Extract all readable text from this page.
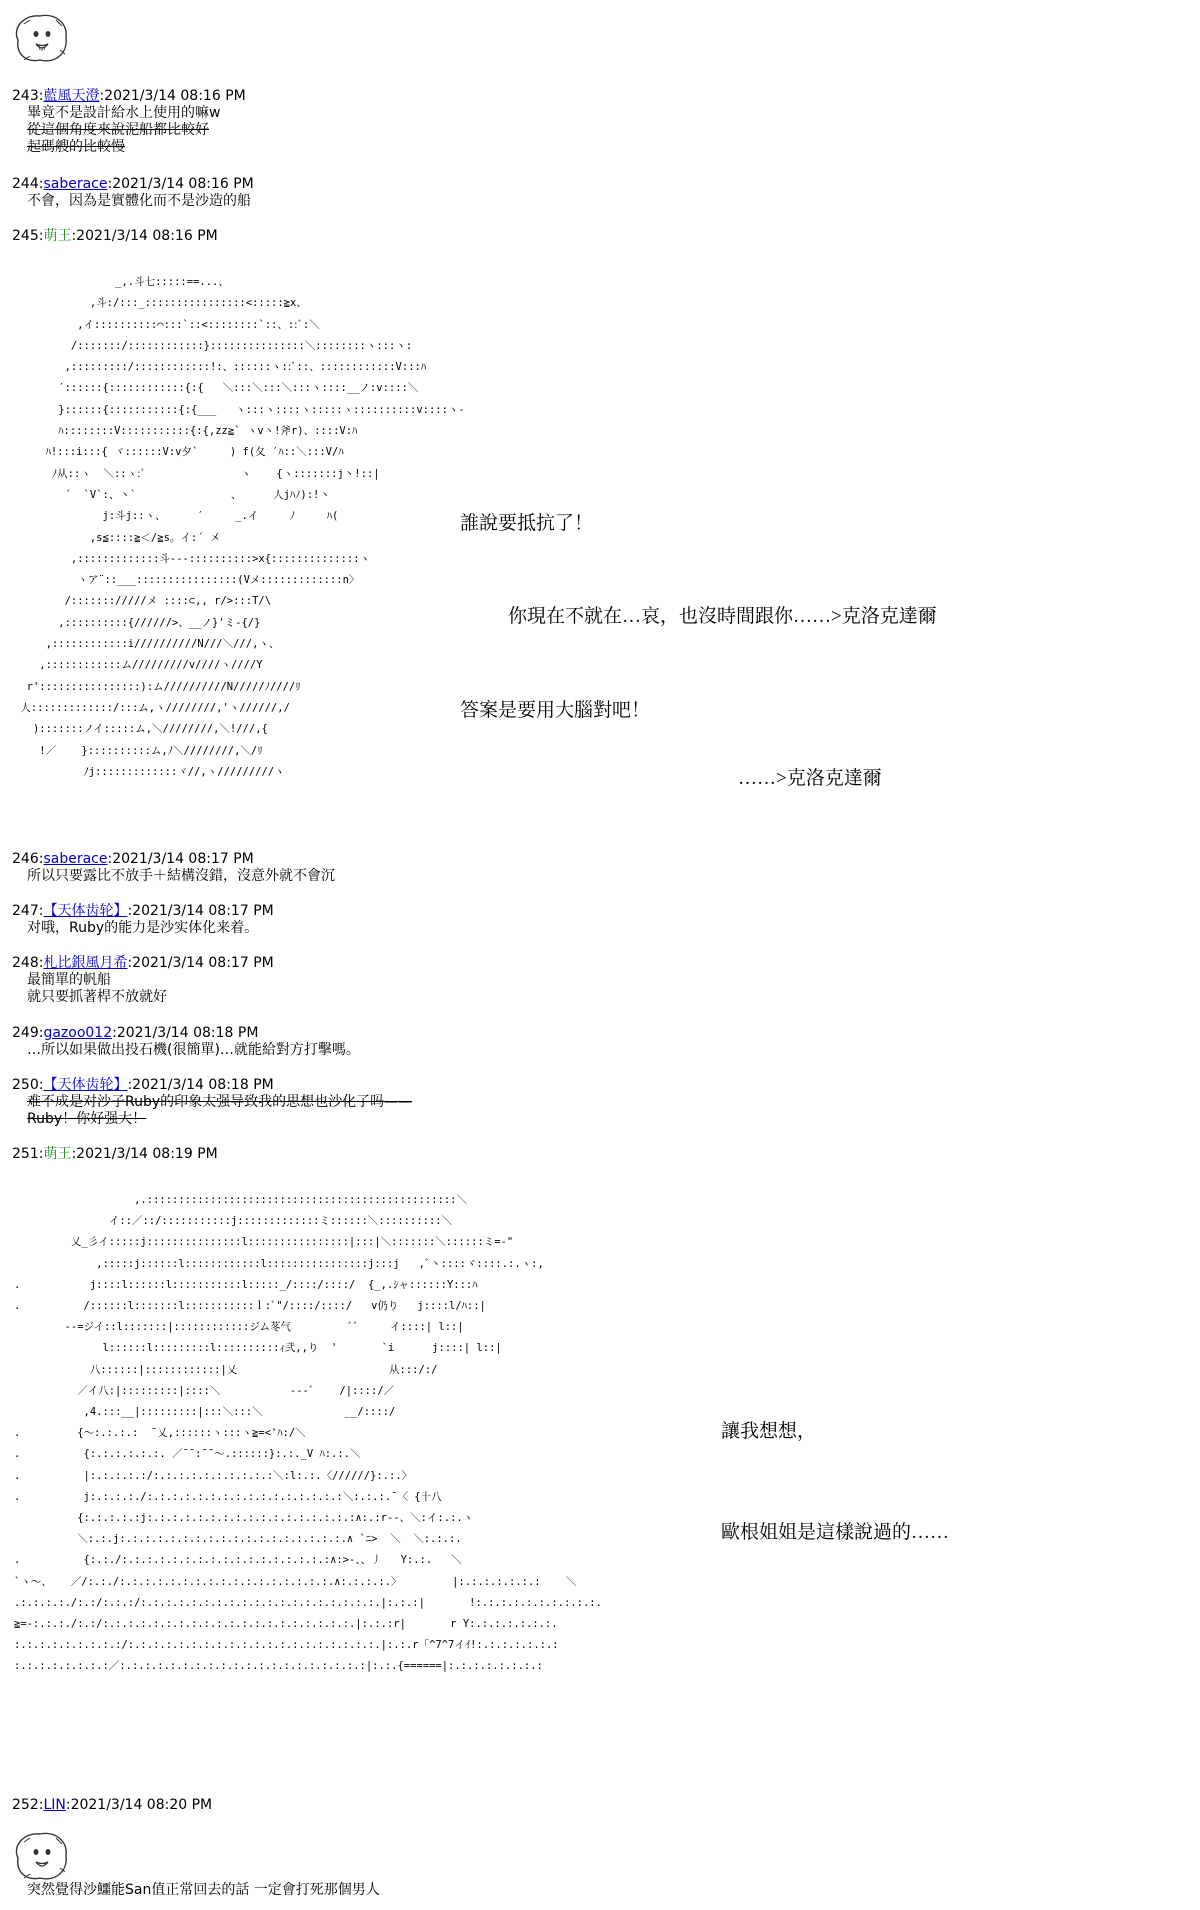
243:藍風天澄:2021/3/14 08:16 PM
畢竟不是設計給水上使用的嘛w
從這個角度來說泥船都比較好
起碼艘的比較慢
244:saberace:2021/3/14 08:16 PM
不會，因為是實體化而不是沙造的船
245:萌王:2021/3/14 08:16 PM
_,.斗七:::::==...、
,斗:/:::_::::::::::::::::<:::::≧x、
,イ::::::::::⌒:::`::<::::::::`::、::ﾞ:＼
/:::::::/::::::::::::}:::::::::::::::＼::::::::ヽ:::ヽ:
,:::::::::/::::::::::::!:、::::::ヽ::ﾞ::、::::::::::::V:::ﾊ
′::::::{::::::::::::{:{   ＼:::＼:::＼:::ヽ::::__ノ:v::::＼
}::::::{:::::::::::{:{___   ヽ:::ヽ::::ヽ:::::ヽ::::::::::v::::ヽ-
ﾊ::::::::V:::::::::::{:{,zz≧` ヽv丶!斧r)、::::V:ﾊ
ﾊ!:::i:::{ ヾ::::::V:v夕`     ) f(夂 ′ﾊ::＼:::V/ﾊ
ﾉ从::ヽ  ＼::ヽ:ﾞ               ヽ    {ヽ:::::::j丶!::|
´  `V`:、丶`               、     人jﾊﾉ):!丶
j:斗j::ヽ、     ′     _.イ     ﾉ     ﾊ(
,s≦::::≧＜/≧s。イ:´ 㐅
,:::::::::::::斗---::::::::::>x{::::::::::::::ヽ
ヽア¨::___::::::::::::::::(Vメ:::::::::::::n〉
/::::::://///メ ::::⊂,, r/>:::T/\
,::::::::::{//////>、__ノ}'ミ-{/}
,::::::::::::i//////////N///＼///,ヽ、
,::::::::::::ム/////////v////ヽ////Y
r'::::::::::::::::):ム//////////N/////ﾉ////ﾘ
人:::::::::::::/:::ム,ヽ////////,'ヽ//////,/
):::::::ノイ:::::ム,＼////////,＼!///,{
!／    }::::::::::ム,ﾉ＼////////,＼/ﾘ
ﾉj:::::::::::::ヾ//,ヽ/////////ヽ
誰說要抵抗了！
你現在不就在…哀，也沒時間跟你……>克洛克達爾
答案是要用大腦對吧！
……>克洛克達爾
246:saberace:2021/3/14 08:17 PM
所以只要露比不放手＋結構沒錯，沒意外就不會沉
247:【天体齿轮】:2021/3/14 08:17 PM
对哦，Ruby的能力是沙实体化来着。
248:札比銀風月希:2021/3/14 08:17 PM
最簡單的帆船
就只要抓著桿不放就好
249:gazoo012:2021/3/14 08:18 PM
…所以如果做出投石機(很簡單)…就能給對方打擊嗎。
250:【天体齿轮】:2021/3/14 08:18 PM
难不成是对沙子Ruby的印象太强导致我的思想也沙化了吗——
Ruby！你好强大！
251:萌王:2021/3/14 08:19 PM
,.:::::::::::::::::::::::::::::::::::::::::::::::::＼
イ::／::/:::::::::::j:::::::::::::ミ::::::＼::::::::::＼
乂_彡イ:::::j:::::::::::::::l::::::::::::::::|:::|＼:::::::＼::::::ミ=-"
,:::::j::::::l::::::::::::l::::::::::::::::j:::j   ,ﾞ丶::::ヾ::::.:.ヽ:,
.           j::::l::::::l:::::::::::l:::::_/::::/::::/  {_,.ｼャ::::::Y:::ﾊ
.          /::::::l:::::::l:::::::::::ｌ:ﾞ"/::::/::::/   v仍り   j::::l/ﾊ::|
--=ジイ::l:::::::|::::::::::::ジム苳气         ﾞﾞ     イ::::| l::|
l::::::l:::::::::l::::::::::ｨ弐,,り  '       `i      j::::| l::|
八::::::|::::::::::::|乂                        从:::/:/
／イ八:|:::::::::|::::＼           ---ﾞ    /|::::/／
,4.:::__|:::::::::|:::＼:::＼             __/::::/
.         {〜:.:.:.:  ¯乂,::::::ヽ:::ヽ≧=<'ﾊ:/＼
.          {:.:.:.:.:.:. ／¯¯:¯¯〜.::::::}:.:._V ﾊ:.:.＼
.          |:.:.:.:.:/:.:.:.:.:.:.:.:.:.:＼:l:.:.〈//////}:.:.〉
.          j:.:.:.:./:.:.:.:.:.:.:.:.:.:.:.:.:.:.:.:＼:.:.:.¯〈 {十八
{:.:.:.:.:j:.:.:.:.:.:.:.:.:.:.:.:.:.:.:.:.:∧:.:r--、＼:イ:.:.ヽ
＼:.:.j:.:.:.:.:.:.:.:.:.:.:.:.:.:.:.:.:.:.∧ `ﾆ>  ＼  ＼:.:.:.
.          {:.:./:.:.:.:.:.:.:.:.:.:.:.:.:.:.:.:.:∧:>-、、丿   Y:.:.   ＼
`ヽ〜、   ／/:.:./:.:.:.:.:.:.:.:.:.:.:.:.:.:.:.:.:.∧:.:.:.:.〉        |:.:.:.:.:.:.:    ＼
.:.:.:.:./:.:/:.:.:/:.:.:.:.:.:.:.:.:.:.:.:.:.:.:.:.:.:.:.|:.:.:|       !:.:.:.:.:.:.:.:.:.:.
≧=-:.:.:./:.:/:.:.:.:.:.:.:.:.:.:.:.:.:.:.:.:.:.:.:.:.|:.:.:r|       r Y:.:.:.:.:.:.:.
:.:.:.:.:.:.:.:.:/:.:.:.:.:.:.:.:.:.:.:.:.:.:.:.:.:.:.:.:.|:.:.r「^7^7イｲ!:.:.:.:.:.:.:
:.:.:.:.:.:.:.:／:.:.:.:.:.:.:.:.:.:.:.:.:.:.:.:.:.:.:.:|:.:.{======|:.:.:.:.:.:.:.:
讓我想想，
歐根姐姐是這樣說過的……
252:LIN:2021/3/14 08:20 PM
突然覺得沙鱷能San值正常回去的話 一定會打死那個男人
